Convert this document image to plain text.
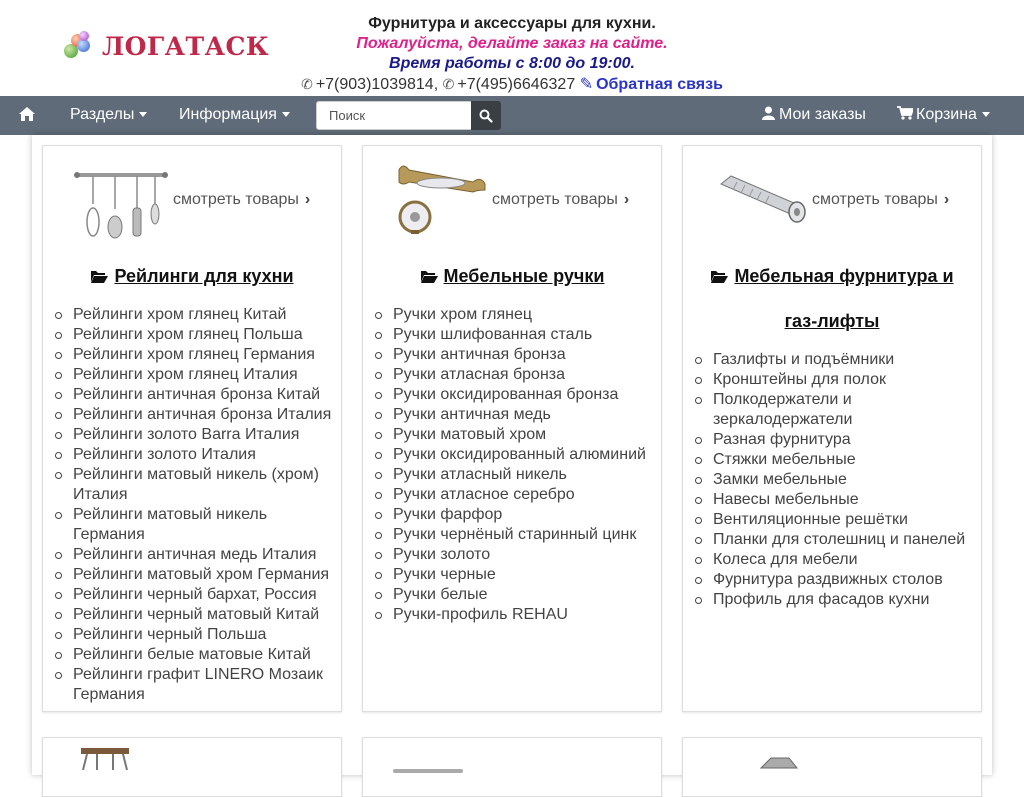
ЛОГАТАСК
Фурнитура и аксессуары для кухни.
Пожалуйста, делайте заказ на сайте.
Время работы с 8:00 до 19:00.
✆ +7(903)1039814, ✆ +7(495)6646327 ✎ Обратная связь
Разделы	Информация
Поиск	Мои заказы	Корзина
смотреть товары ›
Рейлинги для кухни
Рейлинги хром глянец Китай
Рейлинги хром глянец Польша
Рейлинги хром глянец Германия
Рейлинги хром глянец Италия
Рейлинги античная бронза Китай
Рейлинги античная бронза Италия
Рейлинги золото Barra Италия
Рейлинги золото Италия
Рейлинги матовый никель (хром) Италия
Рейлинги матовый никель Германия
Рейлинги античная медь Италия
Рейлинги матовый хром Германия
Рейлинги черный бархат, Россия
Рейлинги черный матовый Китай
Рейлинги черный Польша
Рейлинги белые матовые Китай
Рейлинги графит LINERO Мозаик Германия
смотреть товары ›
Мебельные ручки
Ручки хром глянец
Ручки шлифованная сталь
Ручки античная бронза
Ручки атласная бронза
Ручки оксидированная бронза
Ручки античная медь
Ручки матовый хром
Ручки оксидированный алюминий
Ручки атласный никель
Ручки атласное серебро
Ручки фарфор
Ручки чернёный старинный цинк
Ручки золото
Ручки черные
Ручки белые
Ручки-профиль REHAU
смотреть товары ›
Мебельная фурнитура и газ-лифты
Газлифты и подъёмники
Кронштейны для полок
Полкодержатели и зеркалодержатели
Разная фурнитура
Стяжки мебельные
Замки мебельные
Навесы мебельные
Вентиляционные решётки
Планки для столешниц и панелей
Колеса для мебели
Фурнитура раздвижных столов
Профиль для фасадов кухни
